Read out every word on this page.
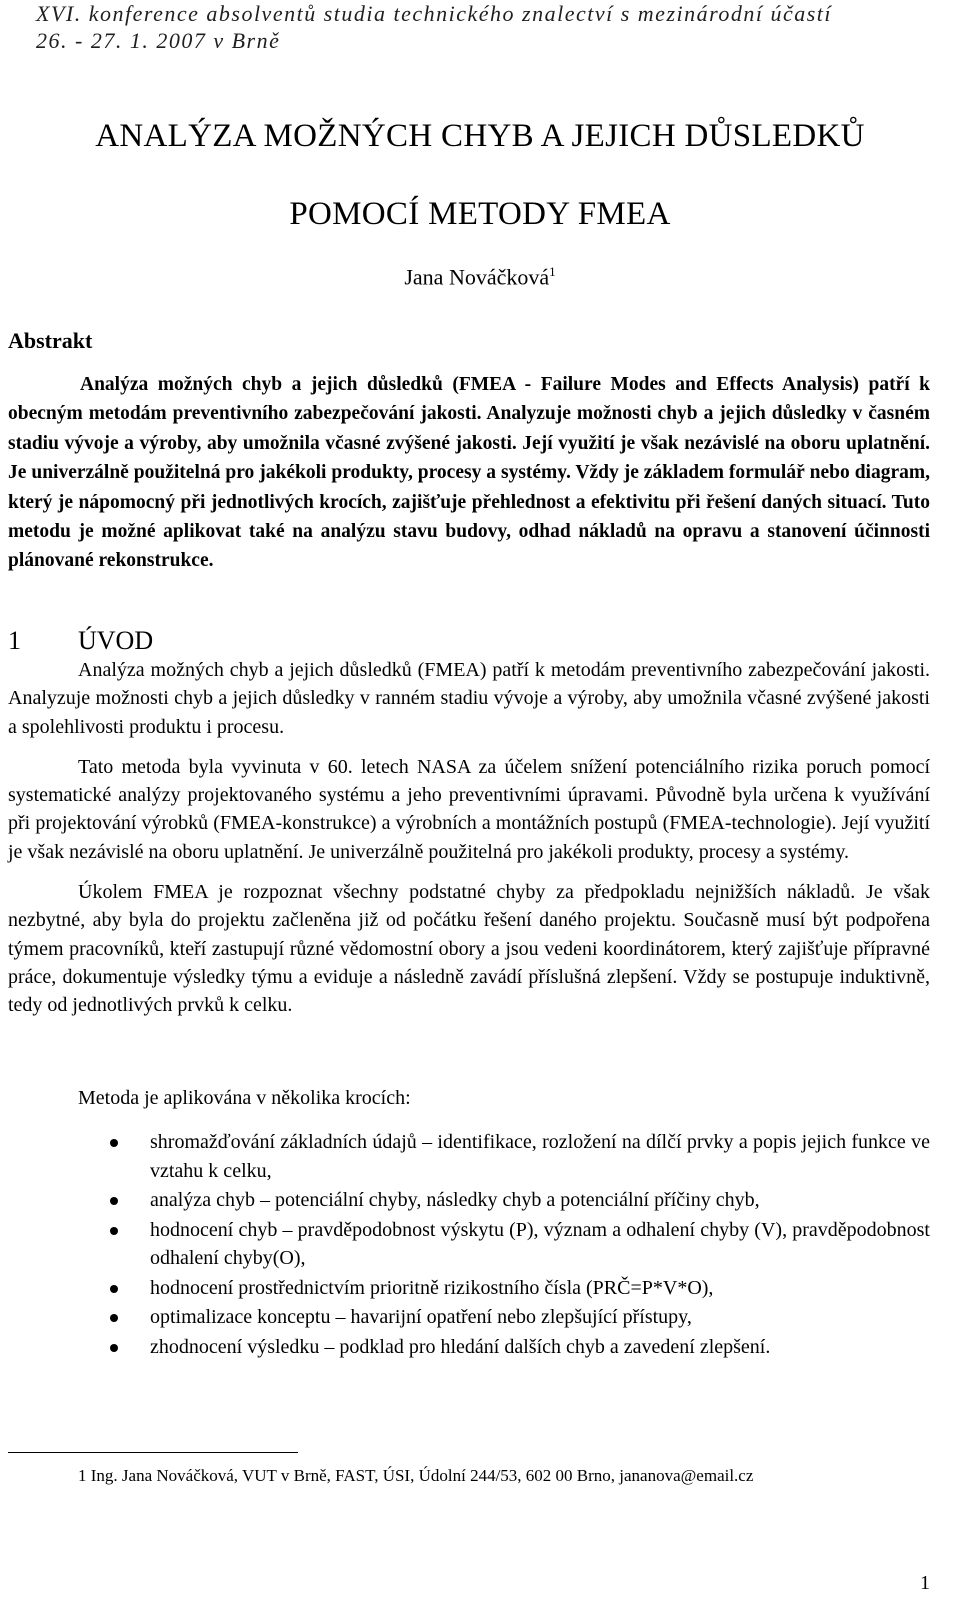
XVI. konference absolventů studia technického znalectví s mezinárodní účastí
26. - 27. 1. 2007 v Brně
ANALÝZA MOŽNÝCH CHYB A JEJICH DŮSLEDKŮ
POMOCÍ METODY FMEA
Jana Nováčková$^1$
Abstrakt
Analýza možných chyb a jejich důsledků (FMEA - Failure Modes and Effects Analysis) patří k obecným metodám preventivního zabezpečování jakosti. Analyzuje možnosti chyb a jejich důsledky v časném stadiu vývoje a výroby, aby umožnila včasné zvýšené jakosti. Její využití je však nezávislé na oboru uplatnění. Je univerzálně použitelná pro jakékoli produkty, procesy a systémy. Vždy je základem formulář nebo diagram, který je nápomocný při jednotlivých krocích, zajišťuje přehlednost a efektivitu při řešení daných situací. Tuto metodu je možné aplikovat také na analýzu stavu budovy, odhad nákladů na opravu a stanovení účinnosti plánované rekonstrukce.
1 ÚVOD

Analýza možných chyb a jejich důsledků (FMEA) patří k metodám preventivního zabezpečování jakosti. Analyzuje možnosti chyb a jejich důsledky v ranném stadiu vývoje a výroby, aby umožnila včasné zvýšené jakosti a spolehlivosti produktu i procesu.

Tato metoda byla vyvinuta v 60. letech NASA za účelem snížení potenciálního rizika poruch pomocí systematické analýzy projektovaného systému a jeho preventivními úpravami. Původně byla určena k využívání při projektování výrobků (FMEA-konstrukce) a výrobních a montážních postupů (FMEA-technologie). Její využití je však nezávislé na oboru uplatnění. Je univerzálně použitelná pro jakékoli produkty, procesy a systémy.

Úkolem FMEA je rozpoznat všechny podstatné chyby za předpokladu nejnižších nákladů. Je však nezbytné, aby byla do projektu začleněna již od počátku řešení daného projektu. Současně musí být podpořena týmem pracovníků, kteří zastupují různé vědomostní obory a jsou vedeni koordinátorem, který zajišťuje přípravné práce, dokumentuje výsledky týmu a eviduje a následně zavádí příslušná zlepšení. Vždy se postupuje induktivně, tedy od jednotlivých prvků k celku.

Metoda je aplikována v několika krocích:
shromažďování základních údajů – identifikace, rozložení na dílčí prvky a popis jejich funkce ve vztahu k celku,
analýza chyb – potenciální chyby, následky chyb a potenciální příčiny chyb,
hodnocení chyb – pravděpodobnost výskytu (P), význam a odhalení chyby (V), pravděpodobnost odhalení chyby(O),
hodnocení prostřednictvím prioritně rizikostního čísla (PRČ=P*V*O),
optimalizace konceptu – havarijní opatření nebo zlepšující přístupy,
zhodnocení výsledku – podklad pro hledání dalších chyb a zavedení zlepšení.
1 Ing. Jana Nováčková, VUT v Brně, FAST, ÚSI, Údolní 244/53, 602 00 Brno, jananova@email.cz
1
